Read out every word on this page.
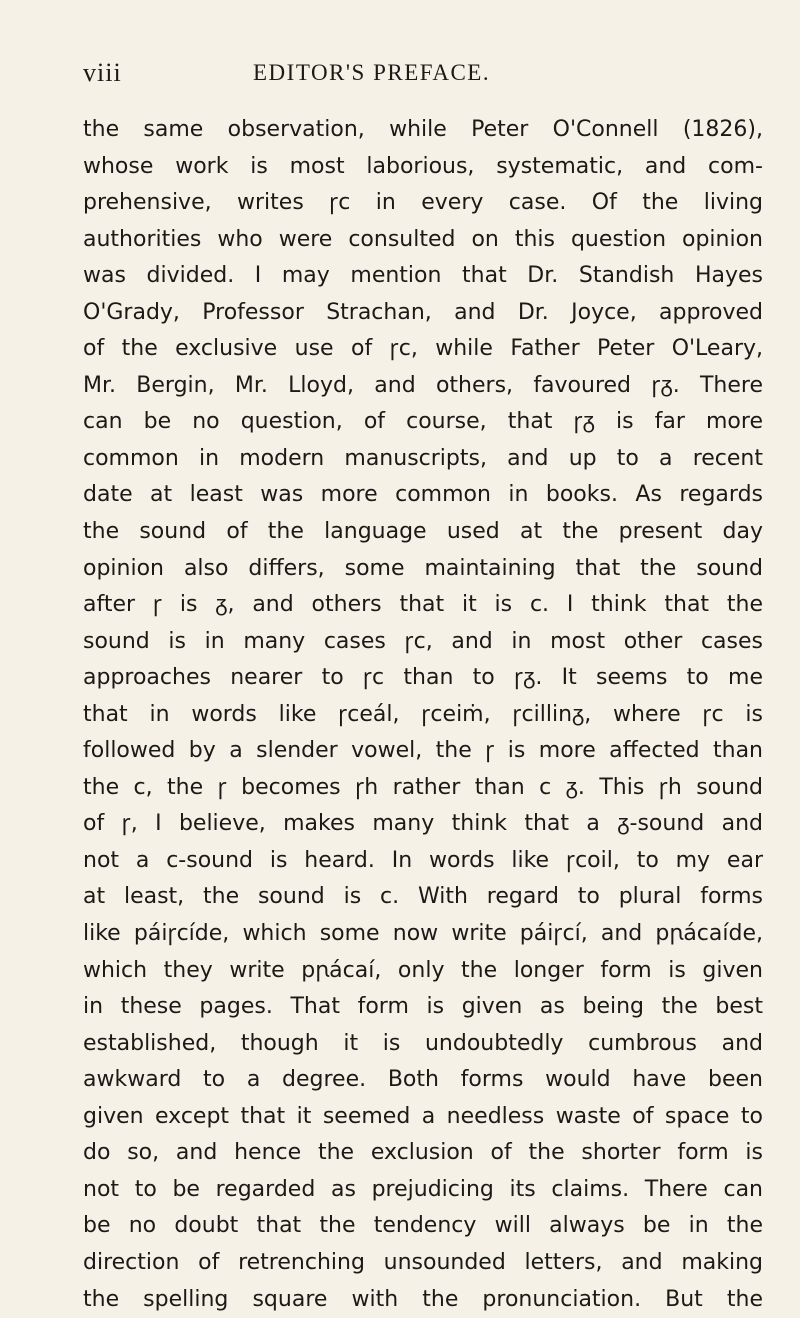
viii	EDITOR'S PREFACE.
the same observation, while Peter O'Connell (1826),
whose work is most laborious, systematic, and com-
prehensive, writes ꞅc in every case. Of the living
authorities who were consulted on this question opinion
was divided. I may mention that Dr. Standish Hayes
O'Grady, Professor Strachan, and Dr. Joyce, approved
of the exclusive use of ꞅc, while Father Peter O'Leary,
Mr. Bergin, Mr. Lloyd, and others, favoured ꞅᵹ. There
can be no question, of course, that ꞅᵹ is far more
common in modern manuscripts, and up to a recent
date at least was more common in books. As regards
the sound of the language used at the present day
opinion also differs, some maintaining that the sound
after ꞅ is ᵹ, and others that it is c. I think that the
sound is in many cases ꞅc, and in most other cases
approaches nearer to ꞅc than to ꞅᵹ. It seems to me
that in words like ꞅceál, ꞅceiṁ, ꞅcillinᵹ, where ꞅc is
followed by a slender vowel, the ꞅ is more affected than
the c, the ꞅ becomes ꞅh rather than c ᵹ. This ꞅh sound
of ꞅ, I believe, makes many think that a ᵹ-sound and
not a c-sound is heard. In words like ꞅcoil, to my ear
at least, the sound is c. With regard to plural forms
like páiꞅcíde, which some now write páiꞅcí, and pꞃácaíde,
which they write pꞃácaí, only the longer form is given
in these pages. That form is given as being the best
established, though it is undoubtedly cumbrous and
awkward to a degree. Both forms would have been
given except that it seemed a needless waste of space to
do so, and hence the exclusion of the shorter form is
not to be regarded as prejudicing its claims. There can
be no doubt that the tendency will always be in the
direction of retrenching unsounded letters, and making
the spelling square with the pronunciation. But the
